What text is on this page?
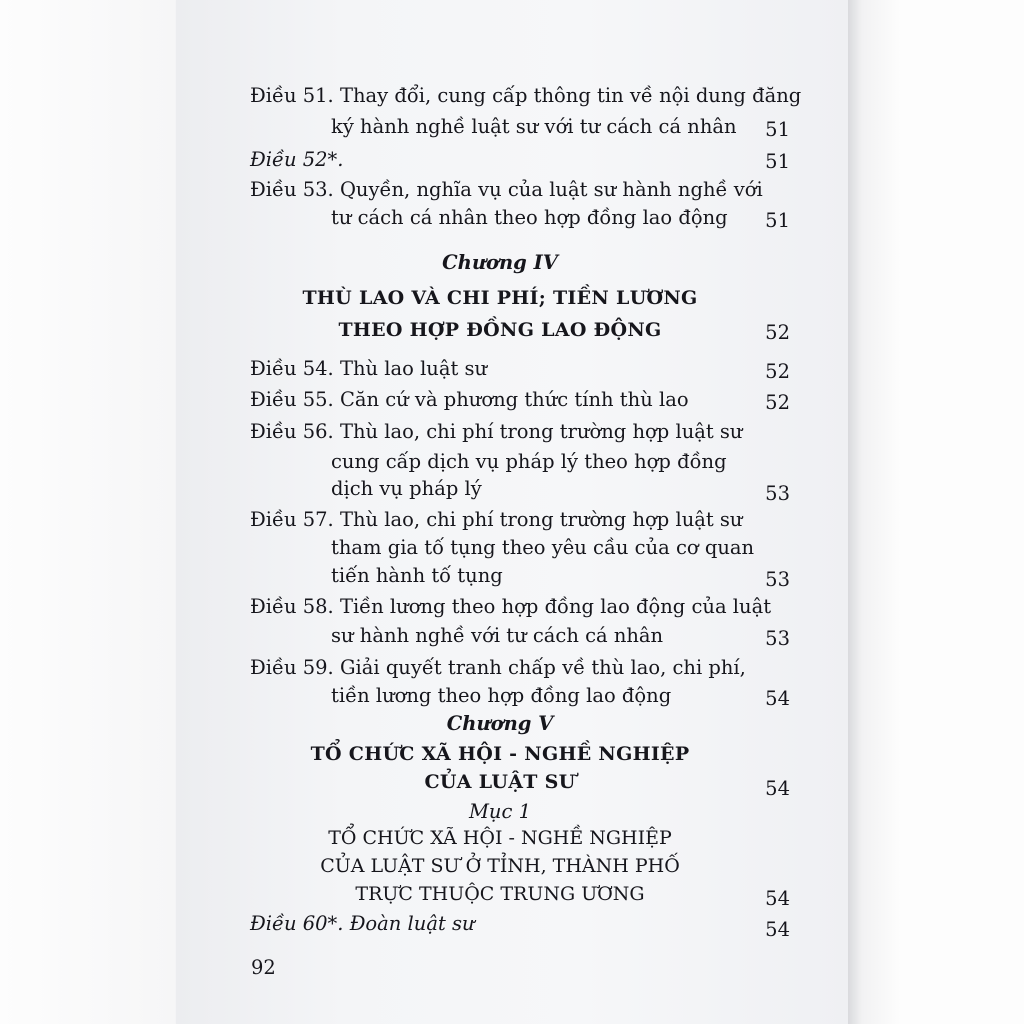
Điều 51. Thay đổi, cung cấp thông tin về nội dung đăng
ký hành nghề luật sư với tư cách cá nhân	51
Điều 52*.	51
Điều 53. Quyền, nghĩa vụ của luật sư hành nghề với
tư cách cá nhân theo hợp đồng lao động	51
Chương IV
THÙ LAO VÀ CHI PHÍ; TIỀN LƯƠNG
THEO HỢP ĐỒNG LAO ĐỘNG	52
Điều 54. Thù lao luật sư	52
Điều 55. Căn cứ và phương thức tính thù lao	52
Điều 56. Thù lao, chi phí trong trường hợp luật sư
cung cấp dịch vụ pháp lý theo hợp đồng
dịch vụ pháp lý	53
Điều 57. Thù lao, chi phí trong trường hợp luật sư
tham gia tố tụng theo yêu cầu của cơ quan
tiến hành tố tụng	53
Điều 58. Tiền lương theo hợp đồng lao động của luật
sư hành nghề với tư cách cá nhân	53
Điều 59. Giải quyết tranh chấp về thù lao, chi phí,
tiền lương theo hợp đồng lao động	54
Chương V
TỔ CHỨC XÃ HỘI - NGHỀ NGHIỆP
CỦA LUẬT SƯ	54
Mục 1
TỔ CHỨC XÃ HỘI - NGHỀ NGHIỆP
CỦA LUẬT SƯ Ở TỈNH, THÀNH PHỐ
TRỰC THUỘC TRUNG ƯƠNG	54
Điều 60*. Đoàn luật sư	54
92
